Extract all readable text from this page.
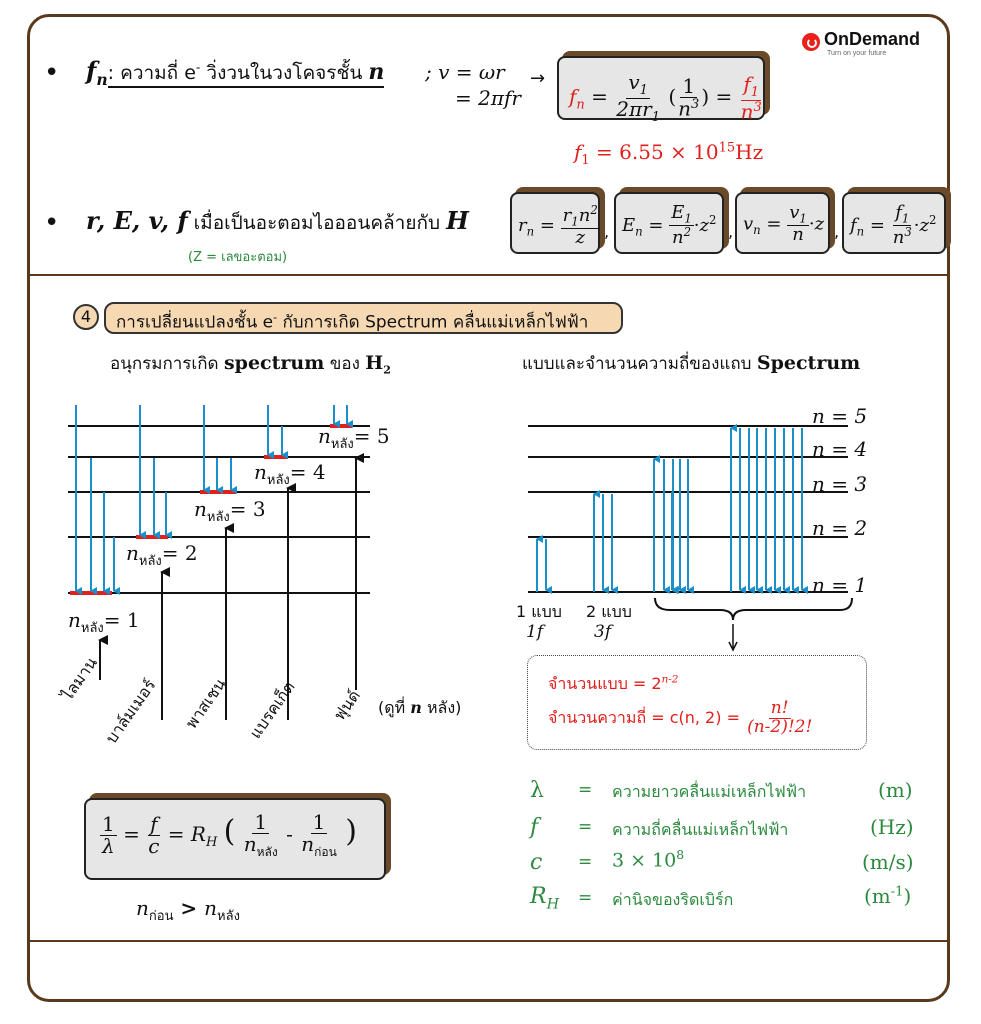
OnDemand
Turn on your future
• $f_n$: ความถี่ e- วิ่งวนในวงโคจรชั้น n ; v = ωr
= 2πfr
→
$f_n = \frac{v_1}{2\pi r_1}$ ( $\frac{1}{n^3}$ ) = $\frac{f_1}{n^3}$
$f_1 = 6.55 \times 10^{15}Hz$
• r, E, v, f เมื่อเป็นอะตอมไอออนคล้ายกับ H
(Z = เลขอะตอม)
$r_n = \frac{r_1n^2}{z}$ , $E_n = \frac{E_1}{n^2} \cdot z^2$
, $v_n = \frac{v_1}{n} \cdot z$ , $f_n = \frac{f_1}{n^3} \cdot z^2$
4	การเปลี่ยนแปลงชั้น e- กับการเกิด Spectrum คลื่นแม่เหล็กไฟฟ้า
อนุกรมการเกิด spectrum ของ $H_2$	แบบและจำนวนความถี่ของแถบ Spectrum
$n_{หลัง}= 1$
$n_{หลัง}= 2$
$n_{หลัง}= 3$
$n_{หลัง}= 4$
$n_{หลัง}= 5$
ไลมาน บาล์มเมอร์ พาสเชน แบรคเก็ต ฟุนด์ (ดูที่ n หลัง)
n = 5
n = 4
n = 3
n = 2
n = 1
1 แบบ
1f
2 แบบ
3f
จำนวนแบบ = $2^{n-2}$
จำนวนความถี่ = c(n, $2) = \frac{n!}{(n-2)!2!}$
$\frac{1}{\lambda} = \frac{f}{c} = R_H$ ( $\frac{1}{n_{หลัง}} - \frac{1}{n_{ก่อน}}$ )
$n_{ก่อน} > n_{หลัง}$
λ = ความยาวคลื่นแม่เหล็กไฟฟ้า	(m)
f = ความถี่คลื่นแม่เหล็กไฟฟ้า	(Hz)
$c = 3 \times 10^8$	(m/s)
$R_H$ = ค่านิจของริดเบิร์ก	$(m^{-1})$
